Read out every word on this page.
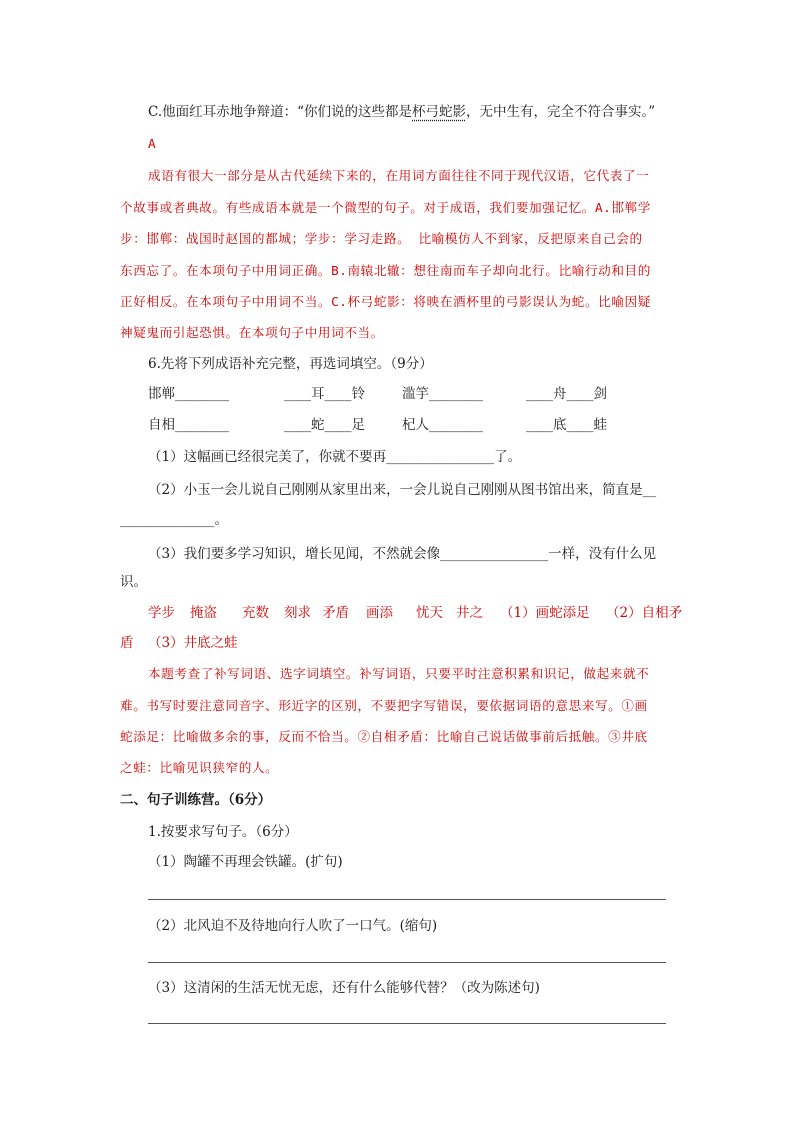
C.他面红耳赤地争辩道：“你们说的这些都是杯弓蛇影，无中生有，完全不符合事实。”
A
成语有很大一部分是从古代延续下来的，在用词方面往往不同于现代汉语，它代表了一
个故事或者典故。有些成语本就是一个微型的句子。对于成语，我们要加强记忆。A.邯郸学
步：邯郸：战国时赵国的都城；学步：学习走路。 比喻模仿人不到家，反把原来自己会的
东西忘了。在本项句子中用词正确。B.南辕北辙：想往南而车子却向北行。比喻行动和目的
正好相反。在本项句子中用词不当。C.杯弓蛇影：将映在酒杯里的弓影误认为蛇。比喻因疑
神疑鬼而引起恐惧。在本项句子中用词不当。
6.先将下列成语补充完整，再选词填空。（9分）
邯郸________	____耳____铃	滥竽________	____舟____剑
自相________	____蛇____足	杞人________	____底____蛙
（1）这幅画已经很完美了，你就不要再________________了。
（2）小玉一会儿说自己刚刚从家里出来，一会儿说自己刚刚从图书馆出来，简直是__
______________。
（3）我们要多学习知识，增长见闻，不然就会像________________一样，没有什么见
识。
学步 掩盗 充数 刻求 矛盾 画添 忧天 井之 （1）画蛇添足 （2）自相矛
盾 （3）井底之蛙
本题考查了补写词语、选字词填空。补写词语，只要平时注意积累和识记，做起来就不
难。书写时要注意同音字、形近字的区别，不要把字写错误，要依据词语的意思来写。①画
蛇添足：比喻做多余的事，反而不恰当。②自相矛盾：比喻自己说话做事前后抵触。③井底
之蛙：比喻见识狭窄的人。
二、句子训练营。（6分）
1.按要求写句子。（6分）
（1）陶罐不再理会铁罐。(扩句)
（2）北风迫不及待地向行人吹了一口气。(缩句)
（3）这清闲的生活无忧无虑，还有什么能够代替？（改为陈述句)
